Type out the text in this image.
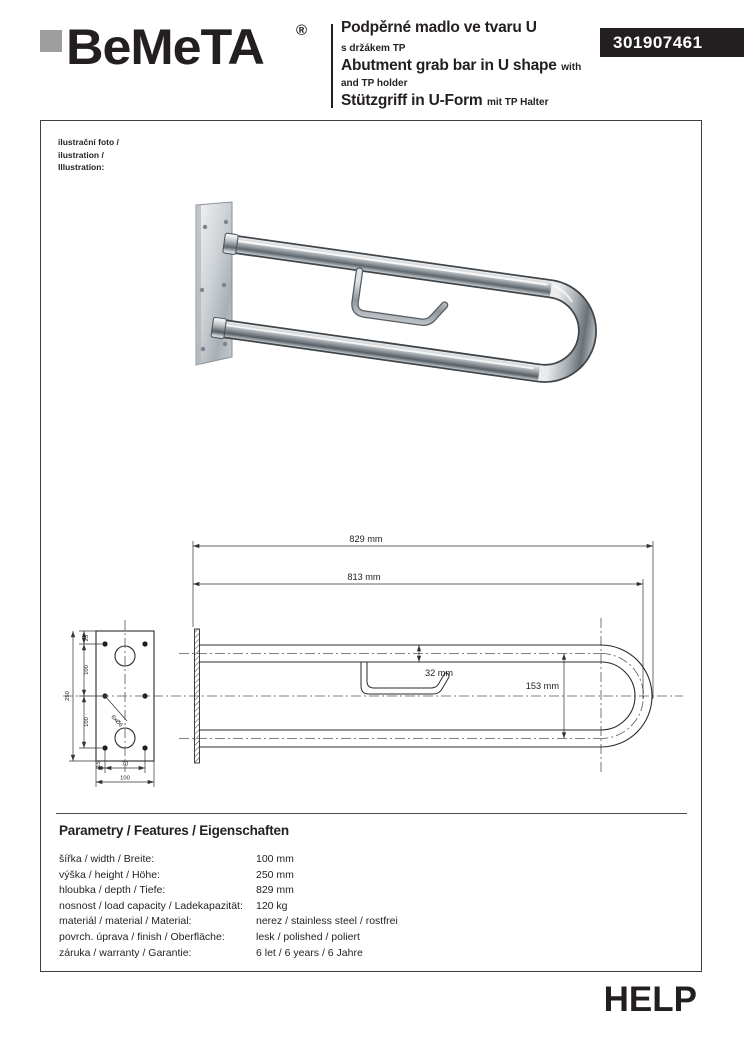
BeMeTA ® Podpěrné madlo ve tvaru U
s držákem TP
Abutment grab bar in U shape with and TP holder
Stützgriff in U-Form mit TP Halter
301907461
ilustrační foto /
ilustration /
Illustration:
6xØ6
25
100
100
250
15	70
100
829 mm
813 mm
32 mm
153 mm
Parametry / Features / Eigenschaften
šířka / width / Breite:	100 mm
výška / height / Höhe:	250 mm
hloubka / depth / Tiefe:	829 mm
nosnost / load capacity / Ladekapazität:	120 kg
materiál / material / Material:	nerez / stainless steel / rostfrei
povrch. úprava / finish / Oberfläche:	lesk / polished / poliert
záruka / warranty / Garantie:	6 let / 6 years / 6 Jahre
HELP
